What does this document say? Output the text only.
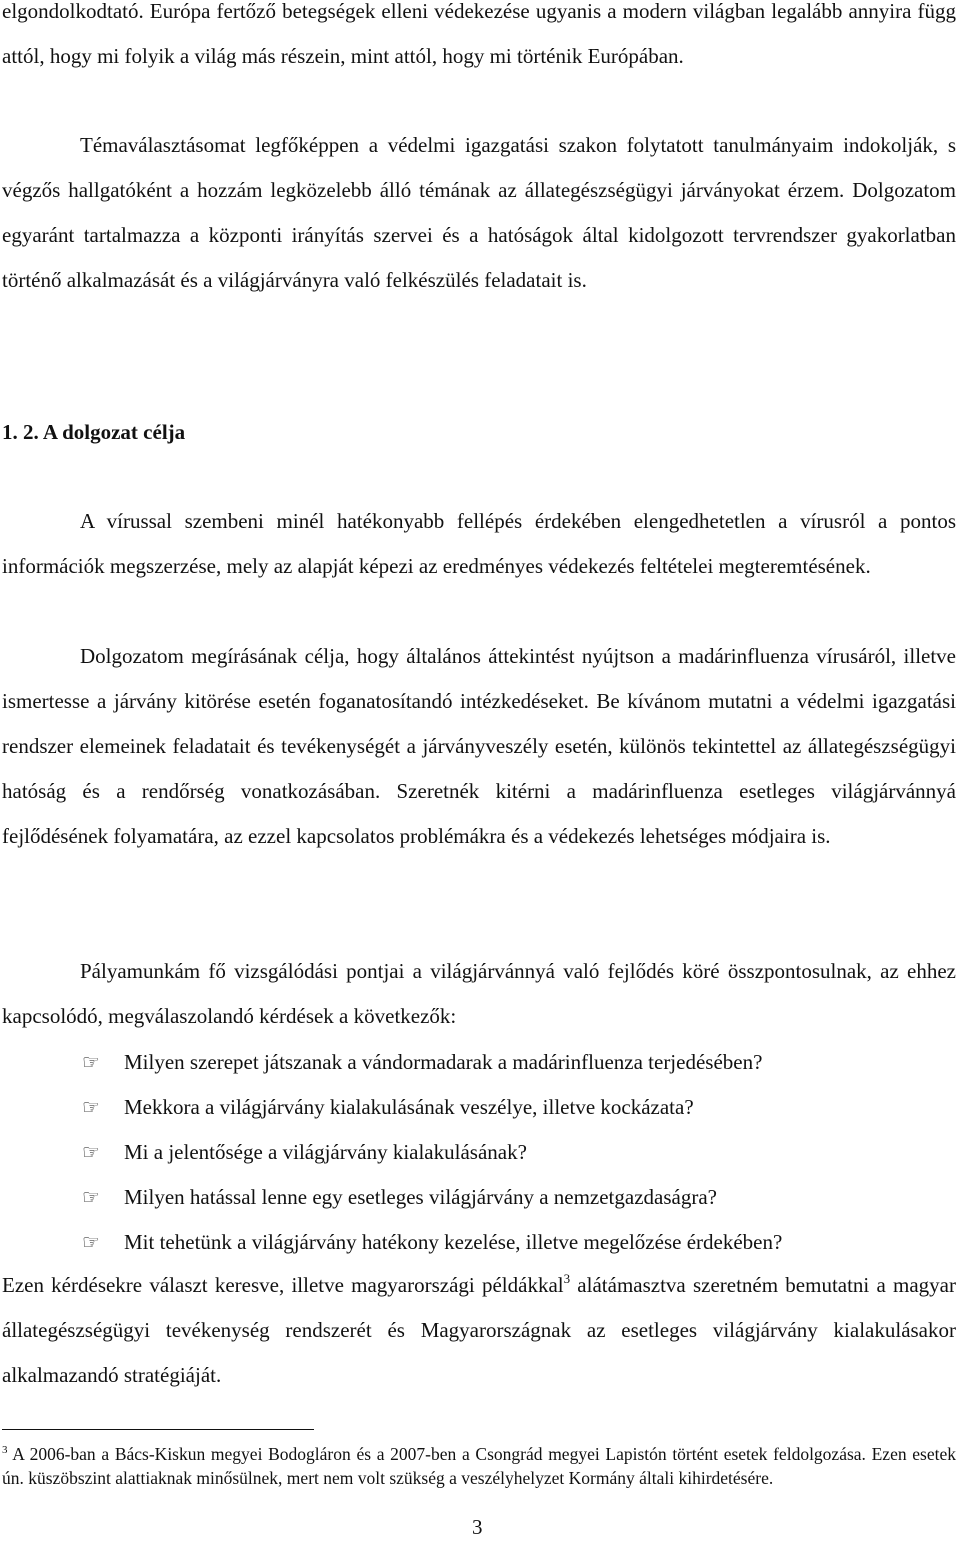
elgondolkodtató. Európa fertőző betegségek elleni védekezése ugyanis a modern világban legalább annyira függ attól, hogy mi folyik a világ más részein, mint attól, hogy mi történik Európában.

Témaválasztásomat legfőképpen a védelmi igazgatási szakon folytatott tanulmányaim indokolják, s végzős hallgatóként a hozzám legközelebb álló témának az állategészségügyi járványokat érzem. Dolgozatom egyaránt tartalmazza a központi irányítás szervei és a hatóságok által kidolgozott tervrendszer gyakorlatban történő alkalmazását és a világjárványra való felkészülés feladatait is.

1. 2. A dolgozat célja

A vírussal szembeni minél hatékonyabb fellépés érdekében elengedhetetlen a vírusról a pontos információk megszerzése, mely az alapját képezi az eredményes védekezés feltételei megteremtésének.

Dolgozatom megírásának célja, hogy általános áttekintést nyújtson a madárinfluenza vírusáról, illetve ismertesse a járvány kitörése esetén foganatosítandó intézkedéseket. Be kívánom mutatni a védelmi igazgatási rendszer elemeinek feladatait és tevékenységét a járványveszély esetén, különös tekintettel az állategészségügyi hatóság és a rendőrség vonatkozásában. Szeretnék kitérni a madárinfluenza esetleges világjárvánnyá fejlődésének folyamatára, az ezzel kapcsolatos problémákra és a védekezés lehetséges módjaira is.

Pályamunkám fő vizsgálódási pontjai a világjárvánnyá való fejlődés köré összpontosulnak, az ehhez kapcsolódó, megválaszolandó kérdések a következők:

☞ Milyen szerepet játszanak a vándormadarak a madárinfluenza terjedésében?
☞ Mekkora a világjárvány kialakulásának veszélye, illetve kockázata?
☞ Mi a jelentősége a világjárvány kialakulásának?
☞ Milyen hatással lenne egy esetleges világjárvány a nemzetgazdaságra?
☞ Mit tehetünk a világjárvány hatékony kezelése, illetve megelőzése érdekében?

Ezen kérdésekre választ keresve, illetve magyarországi példákkal$^3$ alátámasztva szeretném bemutatni a magyar állategészségügyi tevékenység rendszerét és Magyarországnak az esetleges világjárvány kialakulásakor alkalmazandó stratégiáját.

$^3$ A 2006-ban a Bács-Kiskun megyei Bodogláron és a 2007-ben a Csongrád megyei Lapistón történt esetek feldolgozása. Ezen esetek ún. küszöbszint alattiaknak minősülnek, mert nem volt szükség a veszélyhelyzet Kormány általi kihirdetésére.
3
